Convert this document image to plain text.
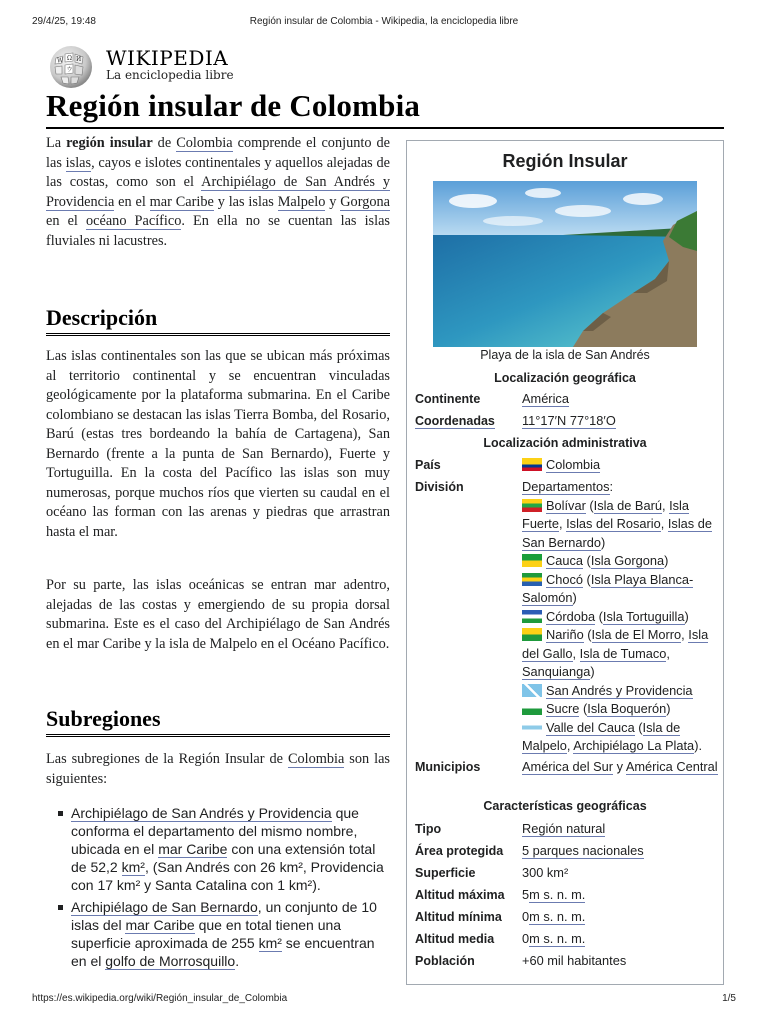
29/4/25, 19:48	Región insular de Colombia - Wikipedia, la enciclopedia libre
https://es.wikipedia.org/wiki/Región_insular_de_Colombia	1/5
W Ω И
ウ WIKIPEDIA
La enciclopedia libre
Región insular de Colombia

La región insular de Colombia comprende el conjunto de las islas, cayos e islotes continentales y aquellos alejadas de las costas, como son el Archipiélago de San Andrés y Providencia en el mar Caribe y las islas Malpelo y Gorgona en el océano Pacífico. En ella no se cuentan las islas fluviales ni lacustres.

Descripción

Las islas continentales son las que se ubican más próximas al territorio continental y se encuentran vinculadas geológicamente por la plataforma submarina. En el Caribe colombiano se destacan las islas Tierra Bomba, del Rosario, Barú (estas tres bordeando la bahía de Cartagena), San Bernardo (frente a la punta de San Bernardo), Fuerte y Tortuguilla. En la costa del Pacífico las islas son muy numerosas, porque muchos ríos que vierten su caudal en el océano las forman con las arenas y piedras que arrastran hasta el mar.

Por su parte, las islas oceánicas se entran mar adentro, alejadas de las costas y emergiendo de su propia dorsal submarina. Este es el caso del Archipiélago de San Andrés en el mar Caribe y la isla de Malpelo en el Océano Pacífico.

Subregiones

Las subregiones de la Región Insular de Colombia son las siguientes:

Archipiélago de San Andrés y Providencia que conforma el departamento del mismo nombre, ubicada en el mar Caribe con una extensión total de 52,2 km², (San Andrés con 26 km², Providencia con 17 km² y Santa Catalina con 1 km²).
Archipiélago de San Bernardo, un conjunto de 10 islas del mar Caribe que en total tienen una superficie aproximada de 255 km² se encuentran en el golfo de Morrosquillo.
Región Insular
Playa de la isla de San Andrés
Localización geográfica
Continente	América
Coordenadas 11°17′N 77°18′O
Localización administrativa
País	Colombia
División	Departamentos:
Bolívar (Isla de Barú, Isla Fuerte, Islas del Rosario, Islas de San Bernardo)
Cauca (Isla Gorgona)
Chocó (Isla Playa Blanca-Salomón)
Córdoba (Isla Tortuguilla)
Nariño (Isla de El Morro, Isla del Gallo, Isla de Tumaco, Sanquianga)
San Andrés y Providencia
Sucre (Isla Boquerón)
Valle del Cauca (Isla de Malpelo, Archipiélago La Plata).
Municipios	América del Sur y América Central
Características geográficas
Tipo	Región natural
Área protegida 5 parques nacionales
Superficie	300 km²
Altitud máxima 5m s. n. m.
Altitud mínima 0m s. n. m.
Altitud media 0m s. n. m.
Población	+60 mil habitantes
